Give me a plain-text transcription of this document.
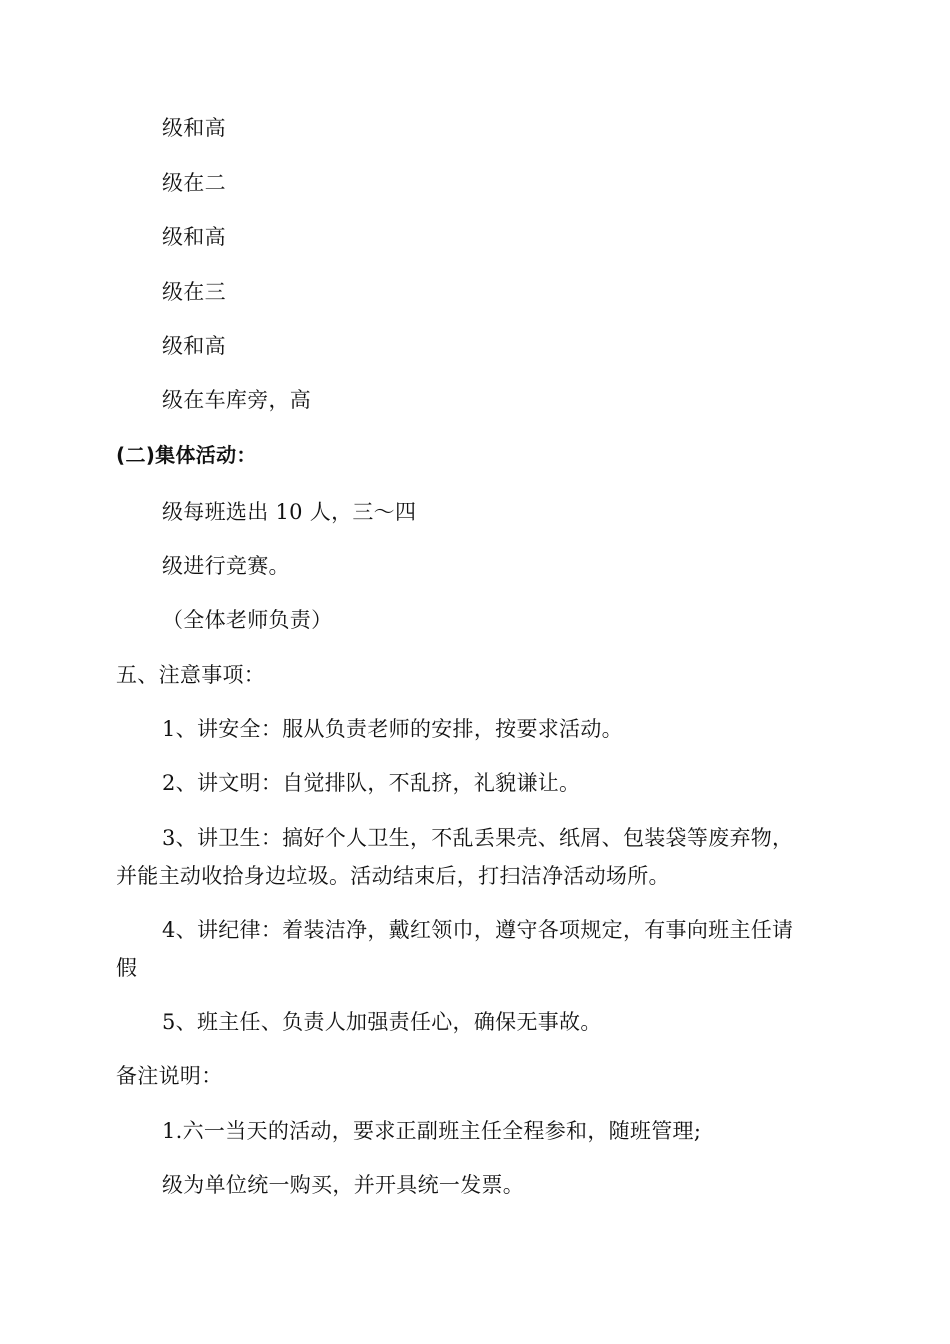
级和高
级在二
级和高
级在三
级和高
级在车库旁，高
(二)集体活动：
级每班选出 10 人，三～四
级进行竞赛。
（全体老师负责）
五、注意事项：
1、讲安全：服从负责老师的安排，按要求活动。
2、讲文明：自觉排队，不乱挤，礼貌谦让。
3、讲卫生：搞好个人卫生，不乱丢果壳、纸屑、包装袋等废弃物，
并能主动收拾身边垃圾。活动结束后，打扫洁净活动场所。
4、讲纪律：着装洁净，戴红领巾，遵守各项规定，有事向班主任请
假
5、班主任、负责人加强责任心，确保无事故。
备注说明：
1.六一当天的活动，要求正副班主任全程参和，随班管理;
级为单位统一购买，并开具统一发票。
